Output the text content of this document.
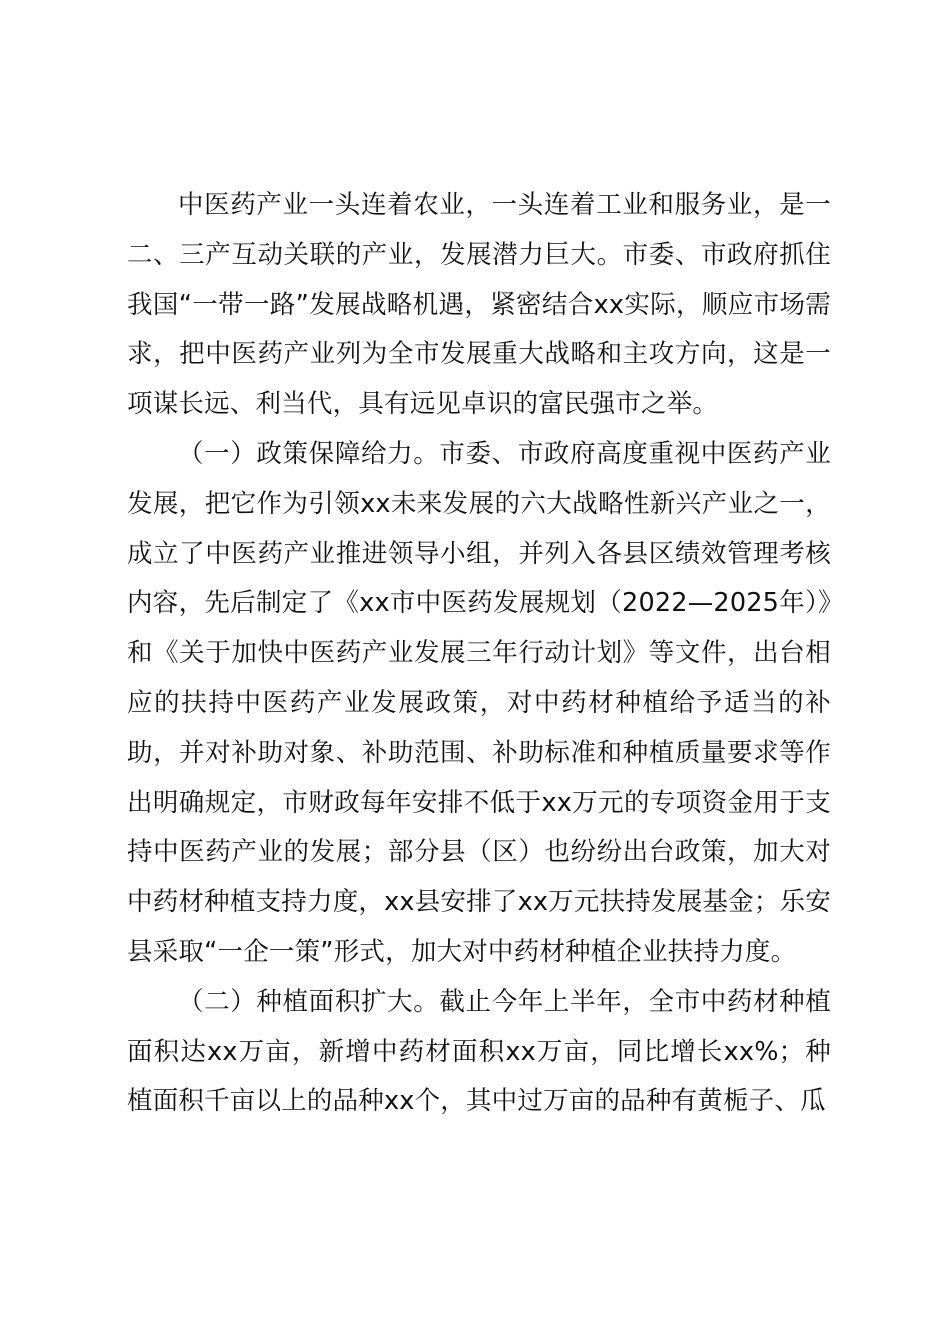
中医药产业一头连着农业，一头连着工业和服务业，是一二、三产互动关联的产业，发展潜力巨大。市委、市政府抓住我国“一带一路”发展战略机遇，紧密结合xx实际，顺应市场需求，把中医药产业列为全市发展重大战略和主攻方向，这是一项谋长远、利当代，具有远见卓识的富民强市之举。

（一）政策保障给力。市委、市政府高度重视中医药产业发展，把它作为引领xx未来发展的六大战略性新兴产业之一，成立了中医药产业推进领导小组，并列入各县区绩效管理考核内容，先后制定了《xx市中医药发展规划（2022—2025年）》和《关于加快中医药产业发展三年行动计划》等文件，出台相应的扶持中医药产业发展政策，对中药材种植给予适当的补助，并对补助对象、补助范围、补助标准和种植质量要求等作出明确规定，市财政每年安排不低于xx万元的专项资金用于支持中医药产业的发展；部分县（区）也纷纷出台政策，加大对中药材种植支持力度，xx县安排了xx万元扶持发展基金；乐安县采取“一企一策”形式，加大对中药材种植企业扶持力度。

（二）种植面积扩大。截止今年上半年，全市中药材种植面积达xx万亩，新增中药材面积xx万亩，同比增长xx%；种植面积千亩以上的品种xx个，其中过万亩的品种有黄栀子、瓜
